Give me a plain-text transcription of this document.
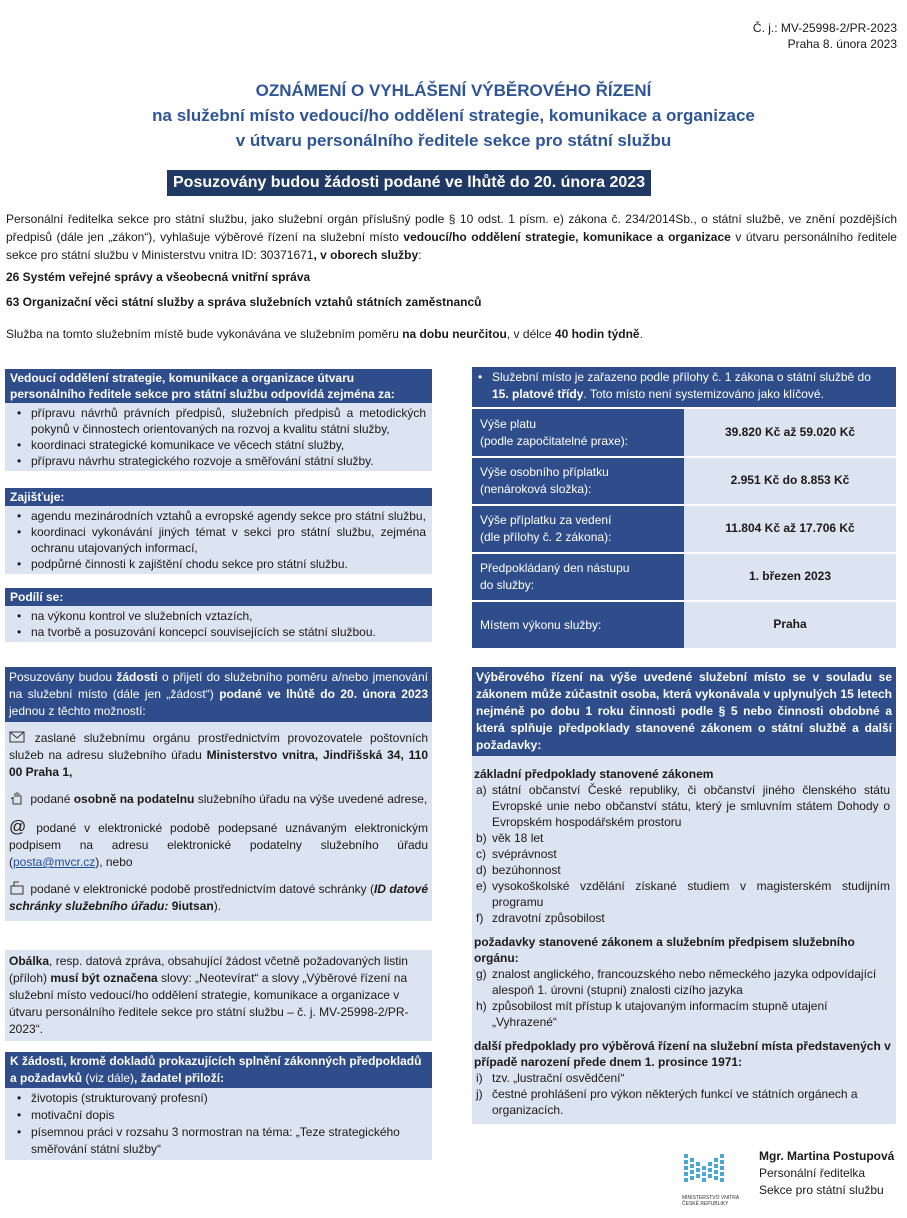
Č. j.: MV-25998-2/PR-2023
Praha 8. února 2023
OZNÁMENÍ O VYHLÁŠENÍ VÝBĚROVÉHO ŘÍZENÍ
na služební místo vedoucí/ho oddělení strategie, komunikace a organizace
v útvaru personálního ředitele sekce pro státní službu
Posuzovány budou žádosti podané ve lhůtě do 20. února 2023
Personální ředitelka sekce pro státní službu, jako služební orgán příslušný podle § 10 odst. 1 písm. e) zákona č. 234/2014Sb., o státní službě, ve znění pozdějších předpisů (dále jen „zákon“), vyhlašuje výběrové řízení na služební místo vedoucí/ho oddělení strategie, komunikace a organizace v útvaru personálního ředitele sekce pro státní službu v Ministerstvu vnitra ID: 30371671, v oborech služby:
26 Systém veřejné správy a všeobecná vnitřní správa
63 Organizační věci státní služby a správa služebních vztahů státních zaměstnanců
Služba na tomto služebním místě bude vykonávána ve služebním poměru na dobu neurčitou, v délce 40 hodin týdně.
Vedoucí oddělení strategie, komunikace a organizace útvaru personálního ředitele sekce pro státní službu odpovídá zejména za:
• přípravu návrhů právních předpisů, služebních předpisů a metodických pokynů v činnostech orientovaných na rozvoj a kvalitu státní služby,
• koordinaci strategické komunikace ve věcech státní služby,
• přípravu návrhu strategického rozvoje a směřování státní služby.
Zajišťuje:
• agendu mezinárodních vztahů a evropské agendy sekce pro státní službu,
• koordinaci vykonávání jiných témat v sekci pro státní službu, zejména ochranu utajovaných informací,
• podpůrné činnosti k zajištění chodu sekce pro státní službu.
Podílí se:
• na výkonu kontrol ve služebních vztazích,
• na tvorbě a posuzování koncepcí souvisejících se státní službou.
• Služební místo je zařazeno podle přílohy č. 1 zákona o státní službě do 15. platové třídy. Toto místo není systemizováno jako klíčové.
Výše platu
(podle započitatelné praxe):	39.820 Kč až 59.020 Kč
Výše osobního příplatku
(nenároková složka):	2.951 Kč do 8.853 Kč
Výše příplatku za vedení
(dle přílohy č. 2 zákona):	11.804 Kč až 17.706 Kč
Předpokládaný den nástupu
do služby:	1. březen 2023
Místem výkonu služby:	Praha
Posuzovány budou žádosti o přijetí do služebního poměru a/nebo jmenování na služební místo (dále jen „žádost“) podané ve lhůtě do 20. února 2023 jednou z těchto možností:
zaslané služebnímu orgánu prostřednictvím provozovatele poštovních služeb na adresu služebního úřadu Ministerstvo vnitra, Jindřišská 34, 110 00 Praha 1,
podané osobně na podatelnu služebního úřadu na výše uvedené adrese,
@ podané v elektronické podobě podepsané uznávaným elektronickým podpisem na adresu elektronické podatelny služebního úřadu (posta@mvcr.cz), nebo
podané v elektronické podobě prostřednictvím datové schránky (ID datové schránky služebního úřadu: 9iutsan).
Obálka, resp. datová zpráva, obsahující žádost včetně požadovaných listin (příloh) musí být označena slovy: „Neotevírat“ a slovy „Výběrové řízení na služební místo vedoucí/ho oddělení strategie, komunikace a organizace v útvaru personálního ředitele sekce pro státní službu – č. j. MV-25998-2/PR-2023“.
K žádosti, kromě dokladů prokazujících splnění zákonných předpokladů a požadavků (viz dále), žadatel přiloží:
• životopis (strukturovaný profesní)
• motivační dopis
• písemnou práci v rozsahu 3 normostran na téma: „Teze strategického směřování státní služby“
Výběrového řízení na výše uvedené služební místo se v souladu se zákonem může zúčastnit osoba, která vykonávala v uplynulých 15 letech nejméně po dobu 1 roku činnosti podle § 5 nebo činnosti obdobné a která splňuje předpoklady stanovené zákonem o státní službě a další požadavky:
základní předpoklady stanovené zákonem
a) státní občanství České republiky, či občanství jiného členského státu Evropské unie nebo občanství státu, který je smluvním státem Dohody o Evropském hospodářském prostoru
b) věk 18 let
c) svéprávnost
d) bezúhonnost
e) vysokoškolské vzdělání získané studiem v magisterském studijním programu
f) zdravotní způsobilost
požadavky stanovené zákonem a služebním předpisem služebního orgánu:
g) znalost anglického, francouzského nebo německého jazyka odpovídající alespoň 1. úrovni (stupni) znalosti cizího jazyka
h) způsobilost mít přístup k utajovaným informacím stupně utajení „Vyhrazené“
další předpoklady pro výběrová řízení na služební místa představených v případě narození přede dnem 1. prosince 1971:
i) tzv. „lustrační osvědčení“
j) čestné prohlášení pro výkon některých funkcí ve státních orgánech a organizacích.
MINISTERSTVO VNITRA
ČESKÉ REPUBLIKY
Mgr. Martina Postupová
Personální ředitelka
Sekce pro státní službu
